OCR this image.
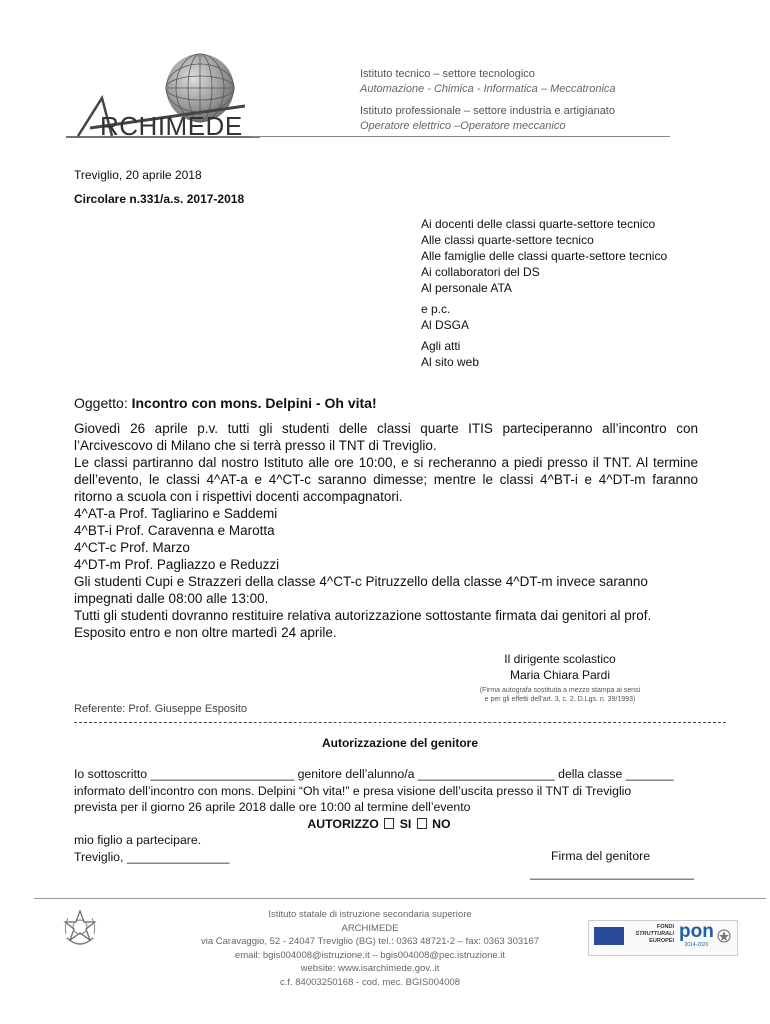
RCHIMEDE
Istituto tecnico – settore tecnologico
Automazione - Chimica - Informatica – Meccatronica
Istituto professionale – settore industria e artigianato
Operatore elettrico –Operatore meccanico
Treviglio, 20 aprile 2018
Circolare n.331/a.s. 2017-2018
Ai docenti delle classi quarte-settore tecnico
Alle classi quarte-settore tecnico
Alle famiglie delle classi quarte-settore tecnico
Ai collaboratori del DS
Al personale ATA
e p.c.
Al DSGA
Agli atti
Al sito web
Oggetto: Incontro con mons. Delpini - Oh vita!
Giovedì 26 aprile p.v. tutti gli studenti delle classi quarte ITIS parteciperanno all’incontro con l’Arcivescovo di Milano che si terrà presso il TNT di Treviglio.
Le classi partiranno dal nostro Istituto alle ore 10:00, e si recheranno a piedi presso il TNT. Al termine dell’evento, le classi 4^AT-a e 4^CT-c saranno dimesse; mentre le classi 4^BT-i e 4^DT-m faranno ritorno a scuola con i rispettivi docenti accompagnatori.
4^AT-a Prof. Tagliarino e Saddemi
4^BT-i Prof. Caravenna e Marotta
4^CT-c Prof. Marzo
4^DT-m Prof. Pagliazzo e Reduzzi
Gli studenti Cupi e Strazzeri della classe 4^CT-c Pitruzzello della classe 4^DT-m invece saranno impegnati dalle 08:00 alle 13:00.
Tutti gli studenti dovranno restituire relativa autorizzazione sottostante firmata dai genitori al prof. Esposito entro e non oltre martedì 24 aprile.
Il dirigente scolastico
Maria Chiara Pardi
(Firma autografa sostituita a mezzo stampa ai sensi
e per gli effetti dell'art. 3, c. 2, D.Lgs. n. 39/1993)
Referente: Prof. Giuseppe Esposito
Autorizzazione del genitore
Io sottoscritto _____________________ genitore dell’alunno/a ____________________ della classe _______
informato dell’incontro con mons. Delpini “Oh vita!” e presa visione dell’uscita presso il TNT di Treviglio
prevista per il giorno 26 aprile 2018 dalle ore 10:00 al termine dell’evento
AUTORIZZO SI NO
mio figlio a partecipare.
Treviglio, _______________	Firma del genitore
________________________
Istituto statale di istruzione secondaria superiore
ARCHIMEDE
via Caravaggio, 52 - 24047 Treviglio (BG) tel.: 0363 48721-2 – fax: 0363 303167
email: bgis004008@istruzione.it – bgis004008@pec.istruzione.it
website: www.isarchimede.gov..it
c.f. 84003250168 - cod. mec. BGIS004008
FONDI
STRUTTURALI
EUROPEI pon
2014-2020
